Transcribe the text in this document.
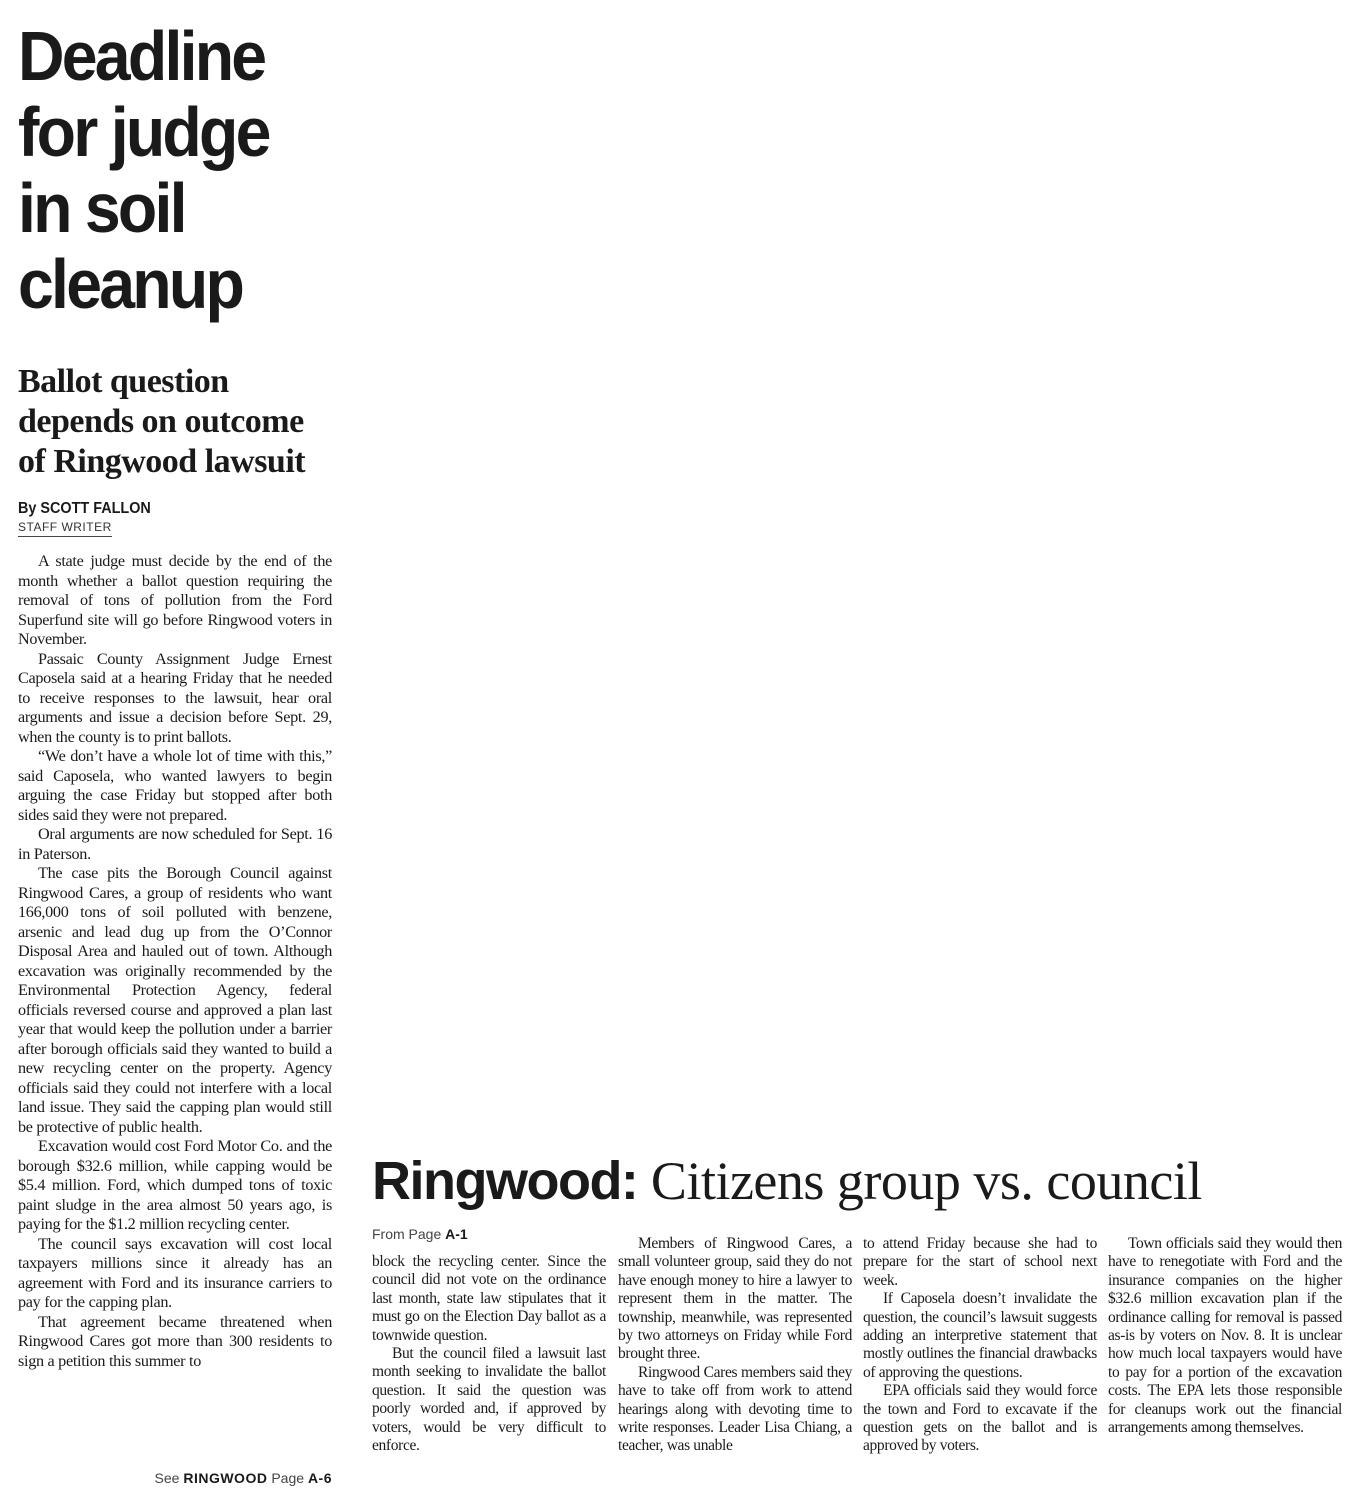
Deadline
for judge
in soil
cleanup
Ballot question
depends on outcome
of Ringwood lawsuit
By SCOTT FALLON
STAFF WRITER

A state judge must decide by the end of the month whether a ballot question requiring the removal of tons of pollution from the Ford Superfund site will go before Ringwood voters in November.

Passaic County Assignment Judge Ernest Caposela said at a hearing Friday that he needed to receive responses to the lawsuit, hear oral arguments and issue a decision before Sept. 29, when the county is to print ballots.

“We don’t have a whole lot of time with this,” said Caposela, who wanted lawyers to begin arguing the case Friday but stopped after both sides said they were not prepared.

Oral arguments are now scheduled for Sept. 16 in Paterson.

The case pits the Borough Council against Ringwood Cares, a group of residents who want 166,000 tons of soil polluted with benzene, arsenic and lead dug up from the O’Connor Disposal Area and hauled out of town. Although excavation was originally recommended by the Environmental Protection Agency, federal officials reversed course and approved a plan last year that would keep the pollution under a barrier after borough officials said they wanted to build a new recycling center on the property. Agency officials said they could not interfere with a local land issue. They said the capping plan would still be protective of public health.

Excavation would cost Ford Motor Co. and the borough $32.6 million, while capping would be $5.4 million. Ford, which dumped tons of toxic paint sludge in the area almost 50 years ago, is paying for the $1.2 million recycling center.

The council says excavation will cost local taxpayers millions since it already has an agreement with Ford and its insurance carriers to pay for the capping plan.

That agreement became threatened when Ringwood Cares got more than 300 residents to sign a petition this summer to

See RINGWOOD Page A-6
Ringwood: Citizens group vs. council
From Page A-1

block the recycling center. Since the council did not vote on the ordinance last month, state law stipulates that it must go on the Election Day ballot as a townwide question.

But the council filed a lawsuit last month seeking to invalidate the ballot question. It said the question was poorly worded and, if approved by voters, would be very difficult to enforce.

Members of Ringwood Cares, a small volunteer group, said they do not have enough money to hire a lawyer to represent them in the matter. The township, meanwhile, was represented by two attorneys on Friday while Ford brought three.

Ringwood Cares members said they have to take off from work to attend hearings along with devoting time to write responses. Leader Lisa Chiang, a teacher, was unable

to attend Friday because she had to prepare for the start of school next week.

If Caposela doesn’t invalidate the question, the council’s lawsuit suggests adding an interpretive statement that mostly outlines the financial drawbacks of approving the questions.

EPA officials said they would force the town and Ford to excavate if the question gets on the ballot and is approved by voters.

Town officials said they would then have to renegotiate with Ford and the insurance companies on the higher $32.6 million excavation plan if the ordinance calling for removal is passed as-is by voters on Nov. 8. It is unclear how much local taxpayers would have to pay for a portion of the excavation costs. The EPA lets those responsible for cleanups work out the financial arrangements among themselves.
